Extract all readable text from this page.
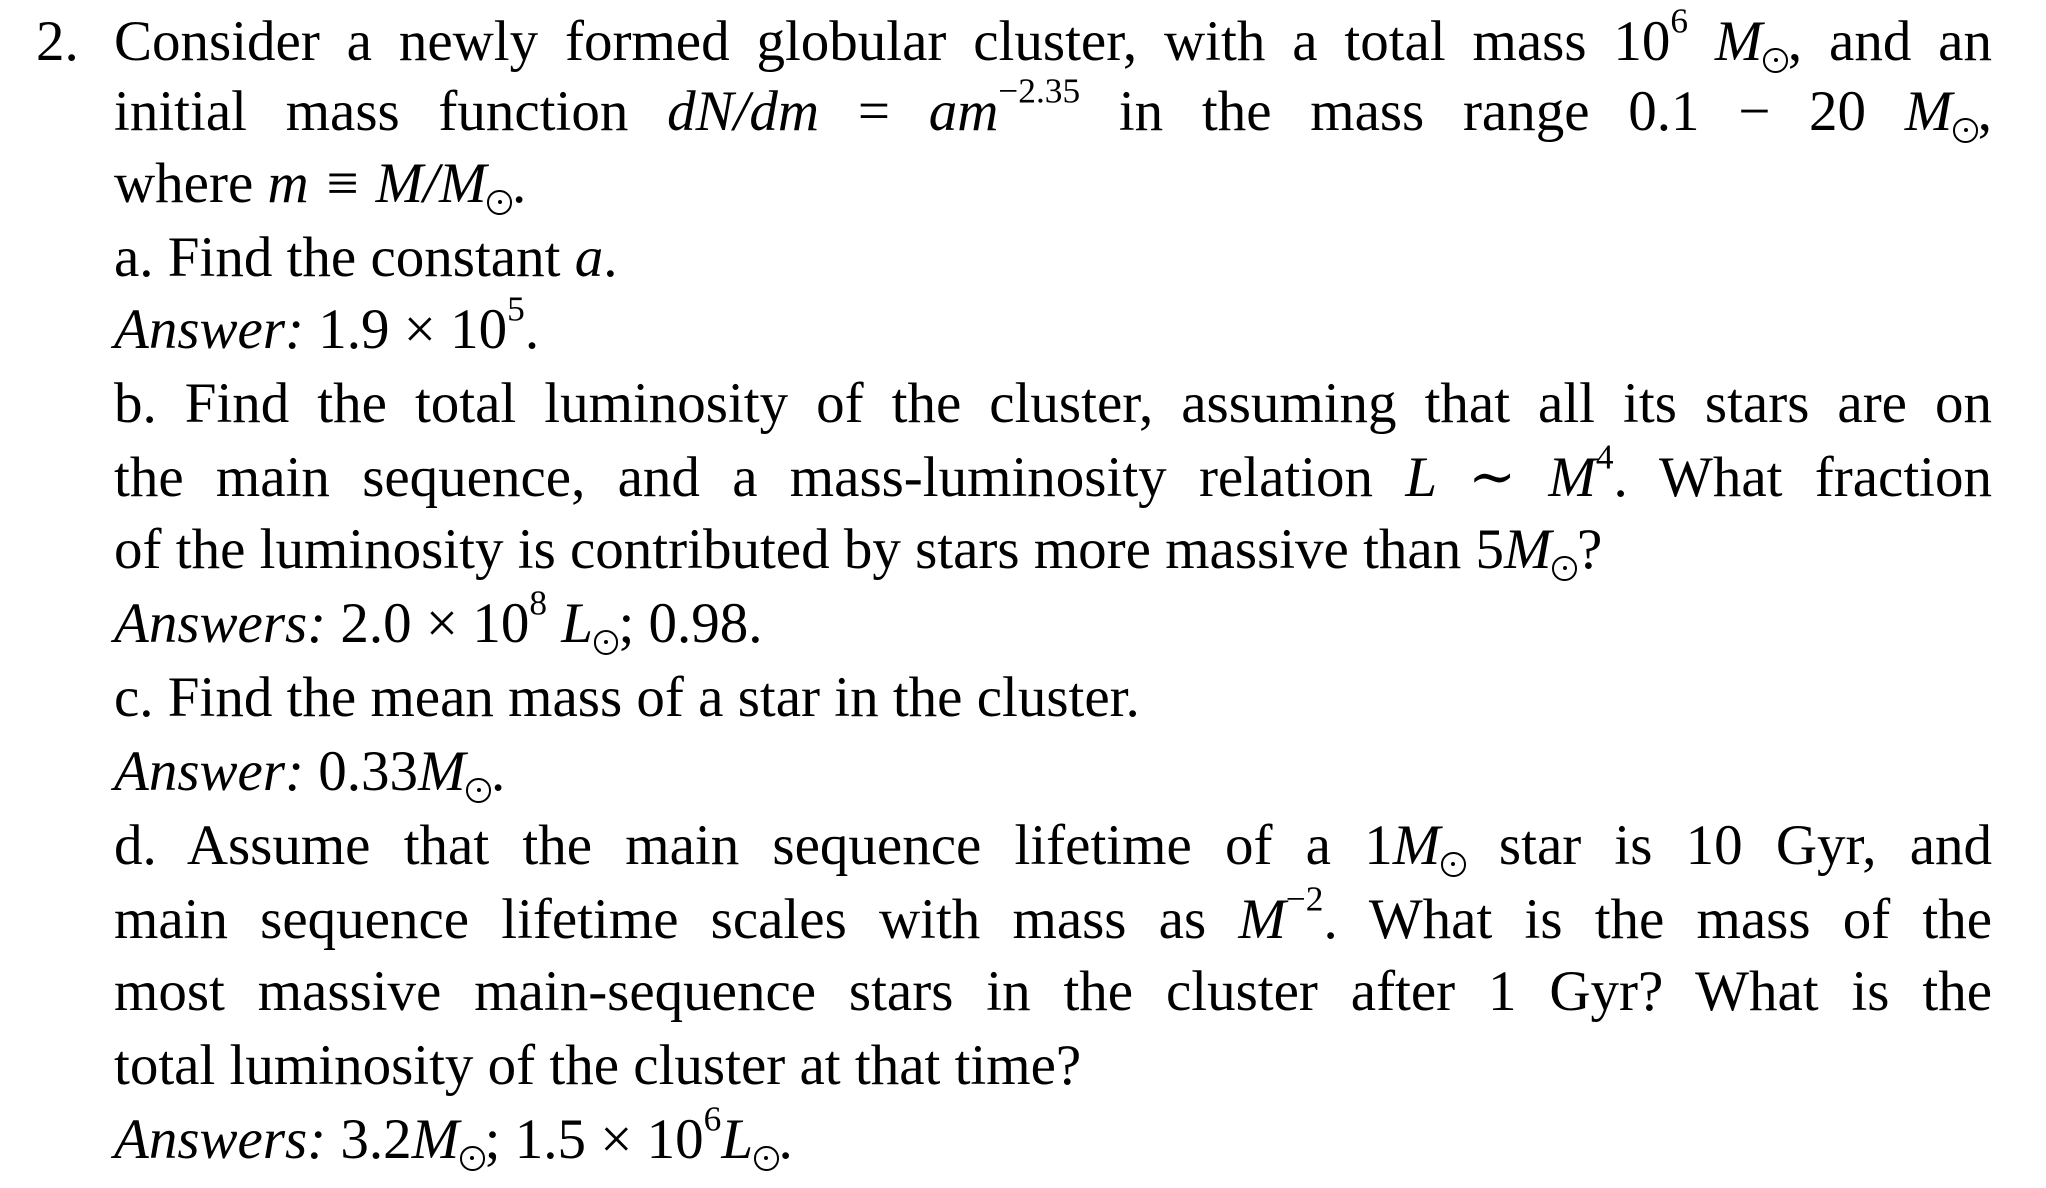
2. Consider a newly formed globular cluster, with a total mass $10^6$ M , and an
initial mass function $dN/dm = am^{-2.35}$ in the mass range 0.1 − 20 M ,
where m ≡ M/M .
a. Find the constant a.
Answer: $1.9 \times 10^5$.
b. Find the total luminosity of the cluster, assuming that all its stars are on
the main sequence, and a mass-luminosity relation L ∼ $M^4$. What fraction
of the luminosity is contributed by stars more massive than 5M ?
Answers: $2.0 \times 10^8$ L ; 0.98.
c. Find the mean mass of a star in the cluster.
Answer: 0.33M .
d. Assume that the main sequence lifetime of a 1M star is 10 Gyr, and
main sequence lifetime scales with mass as $M^{-2}$. What is the mass of the
most massive main-sequence stars in the cluster after 1 Gyr? What is the
total luminosity of the cluster at that time?
Answers: 3.2M ; $1.5 \times 10^6L$ .
